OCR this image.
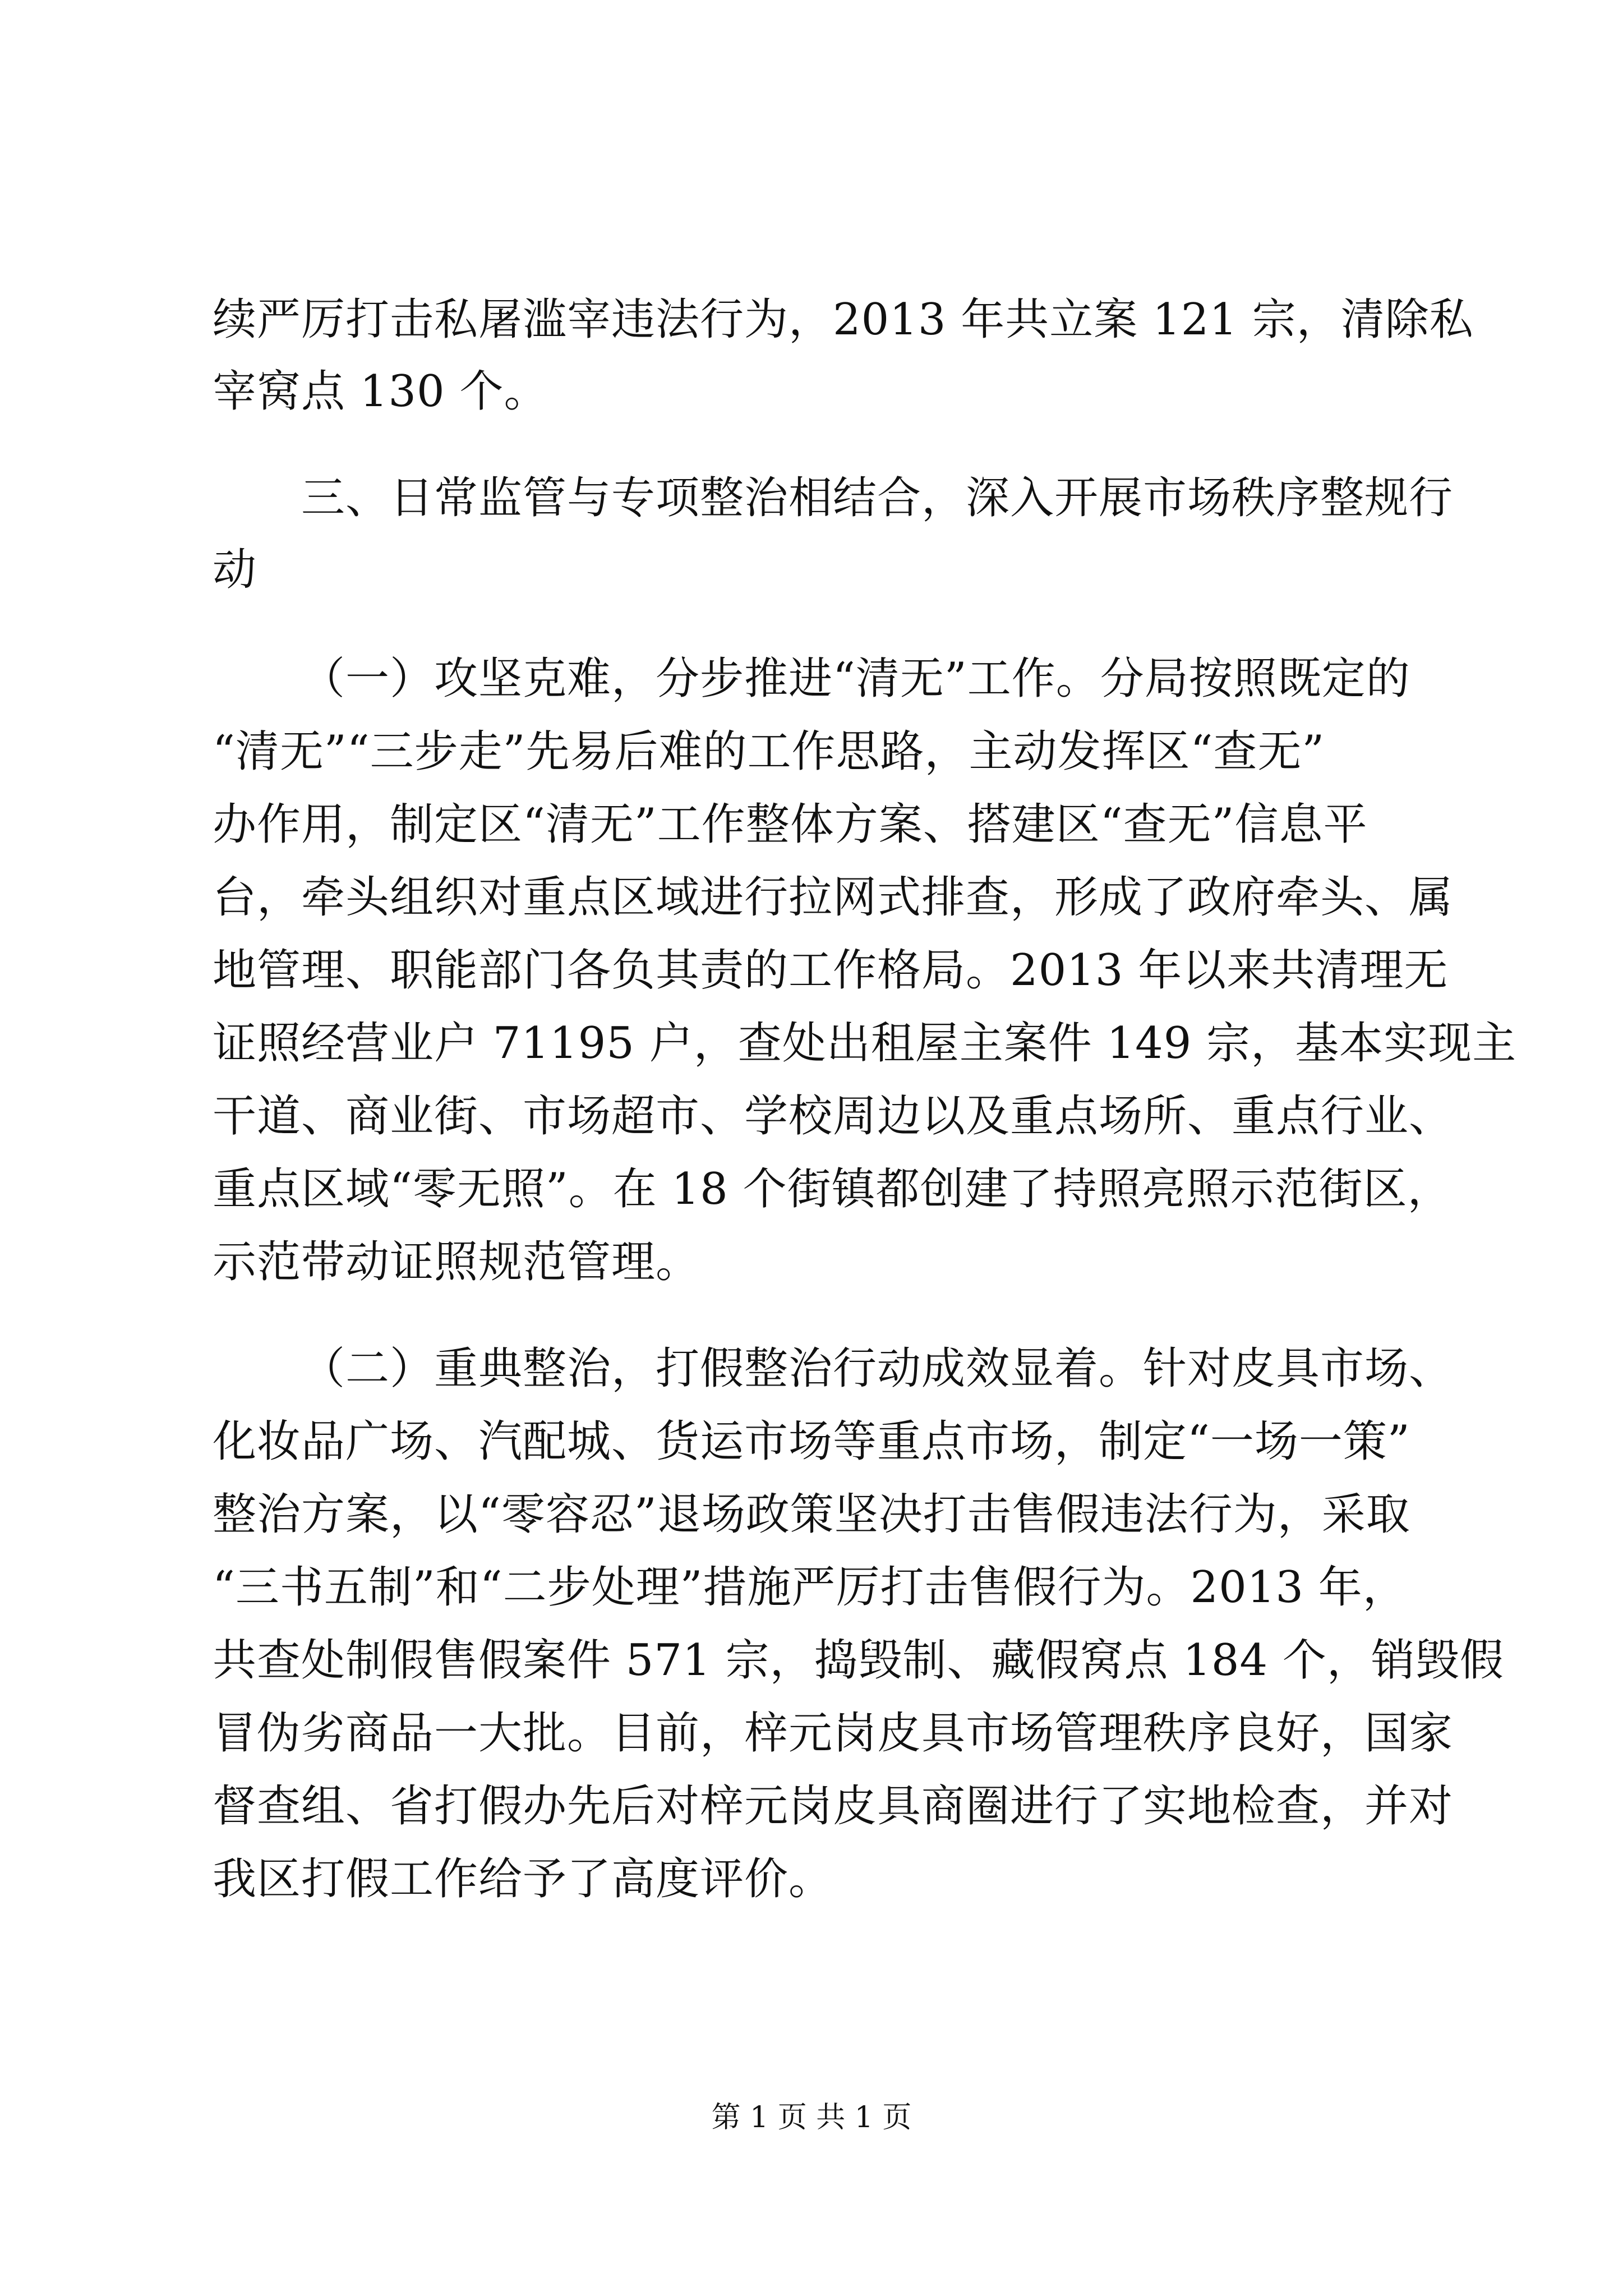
续严厉打击私屠滥宰违法行为，2013 年共立案 121 宗，清除私
宰窝点 130 个。
三、日常监管与专项整治相结合，深入开展市场秩序整规行
动
（一）攻坚克难，分步推进“清无”工作。分局按照既定的
“清无”“三步走”先易后难的工作思路，主动发挥区“查无”
办作用，制定区“清无”工作整体方案、搭建区“查无”信息平
台，牵头组织对重点区域进行拉网式排查，形成了政府牵头、属
地管理、职能部门各负其责的工作格局。2013 年以来共清理无
证照经营业户 71195 户，查处出租屋主案件 149 宗，基本实现主
干道、商业街、市场超市、学校周边以及重点场所、重点行业、
重点区域“零无照”。在 18 个街镇都创建了持照亮照示范街区，
示范带动证照规范管理。
（二）重典整治，打假整治行动成效显着。针对皮具市场、
化妆品广场、汽配城、货运市场等重点市场，制定“一场一策”
整治方案，以“零容忍”退场政策坚决打击售假违法行为，采取
“三书五制”和“二步处理”措施严厉打击售假行为。2013 年，
共查处制假售假案件 571 宗，捣毁制、藏假窝点 184 个，销毁假
冒伪劣商品一大批。目前，梓元岗皮具市场管理秩序良好，国家
督查组、省打假办先后对梓元岗皮具商圈进行了实地检查，并对
我区打假工作给予了高度评价。
第 1 页 共 1 页
